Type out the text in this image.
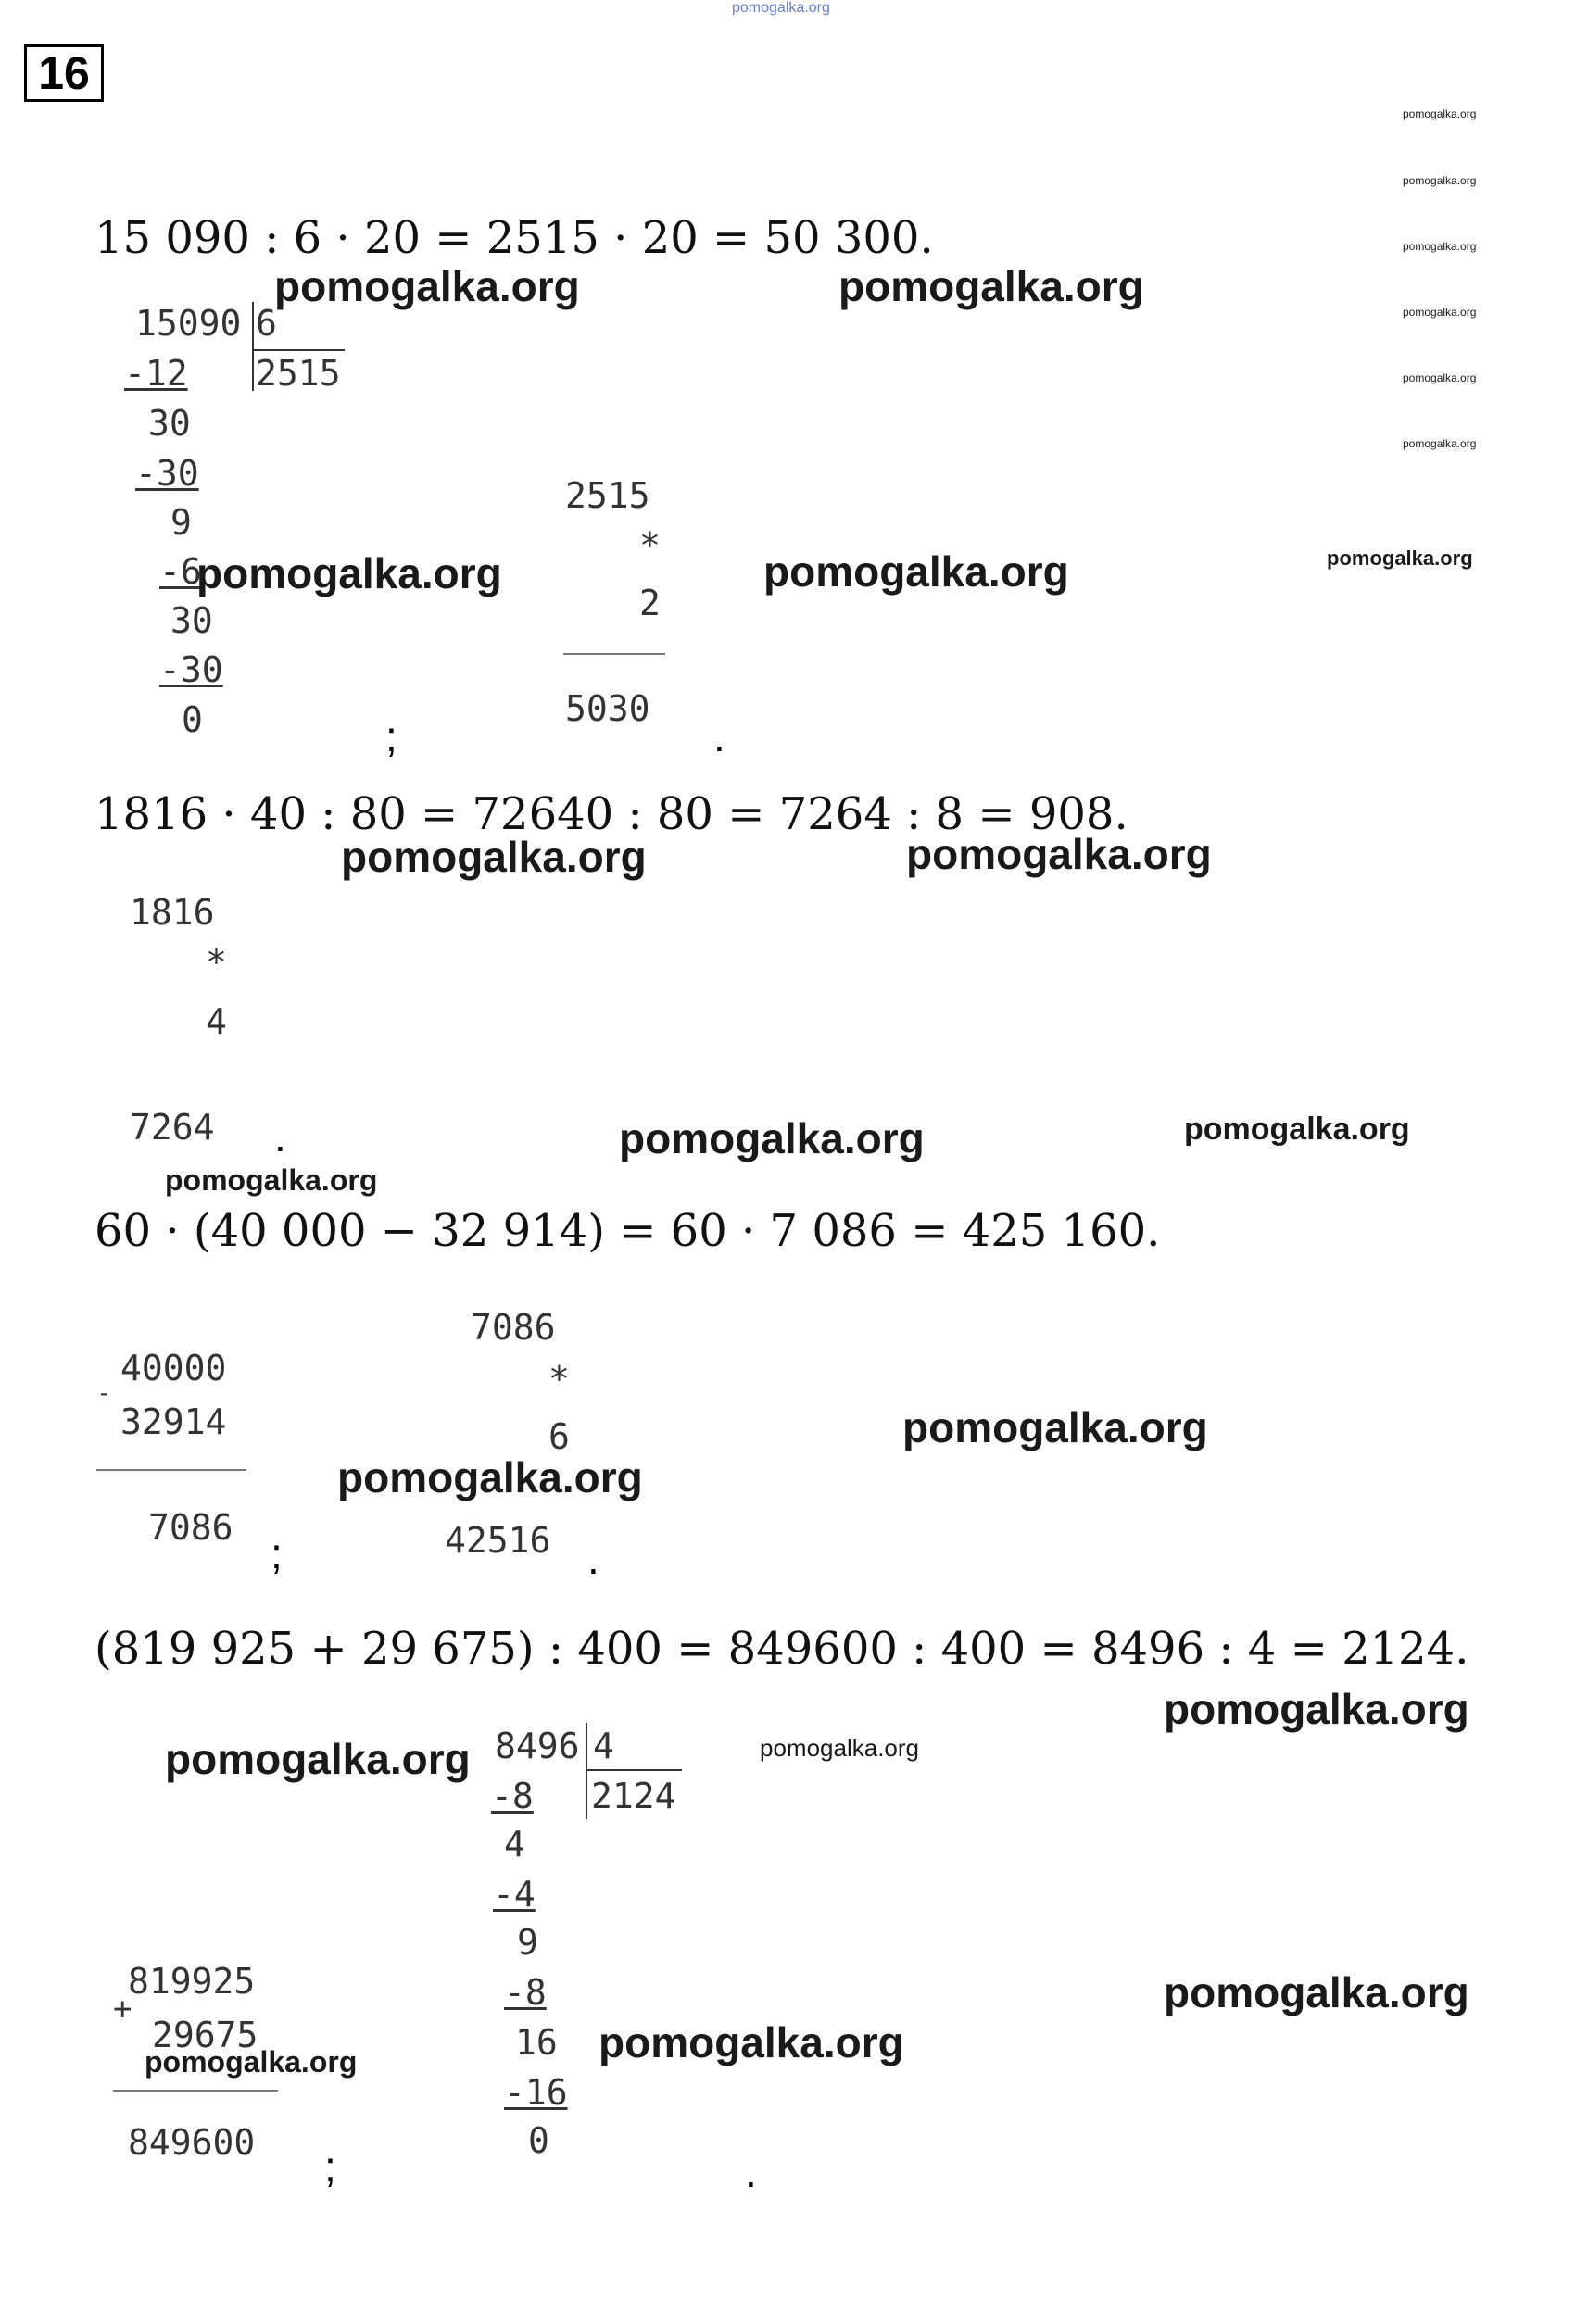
pomogalka.org
16
pomogalka.org
pomogalka.org
pomogalka.org
pomogalka.org
pomogalka.org
pomogalka.org
15 090 : 6 · 20 = 2515 · 20 = 50 300.
pomogalka.org	pomogalka.org
15090 6
2515
-12
30
-30
9
-6
30
-30
0
pomogalka.org
;
2515
*
2
5030
.
pomogalka.org	pomogalka.org
1816 · 40 : 80 = 72640 : 80 = 7264 : 8 = 908.
pomogalka.org	pomogalka.org
1816
*
4
7264 .	pomogalka.org	pomogalka.org
pomogalka.org
60 · (40 000 − 32 914) = 60 · 7 086 = 425 160.
-
40000
32914
7086
;
7086
*
6
42516 .
pomogalka.org
pomogalka.org
(819 925 + 29 675) : 400 = 849600 : 400 = 8496 : 4 = 2124.
pomogalka.org
pomogalka.org	pomogalka.org
8496 4
2124
-8
4
-4
9
-8
16
-16
0
pomogalka.org
.
819925
+
29675
pomogalka.org
849600 ;
pomogalka.org
